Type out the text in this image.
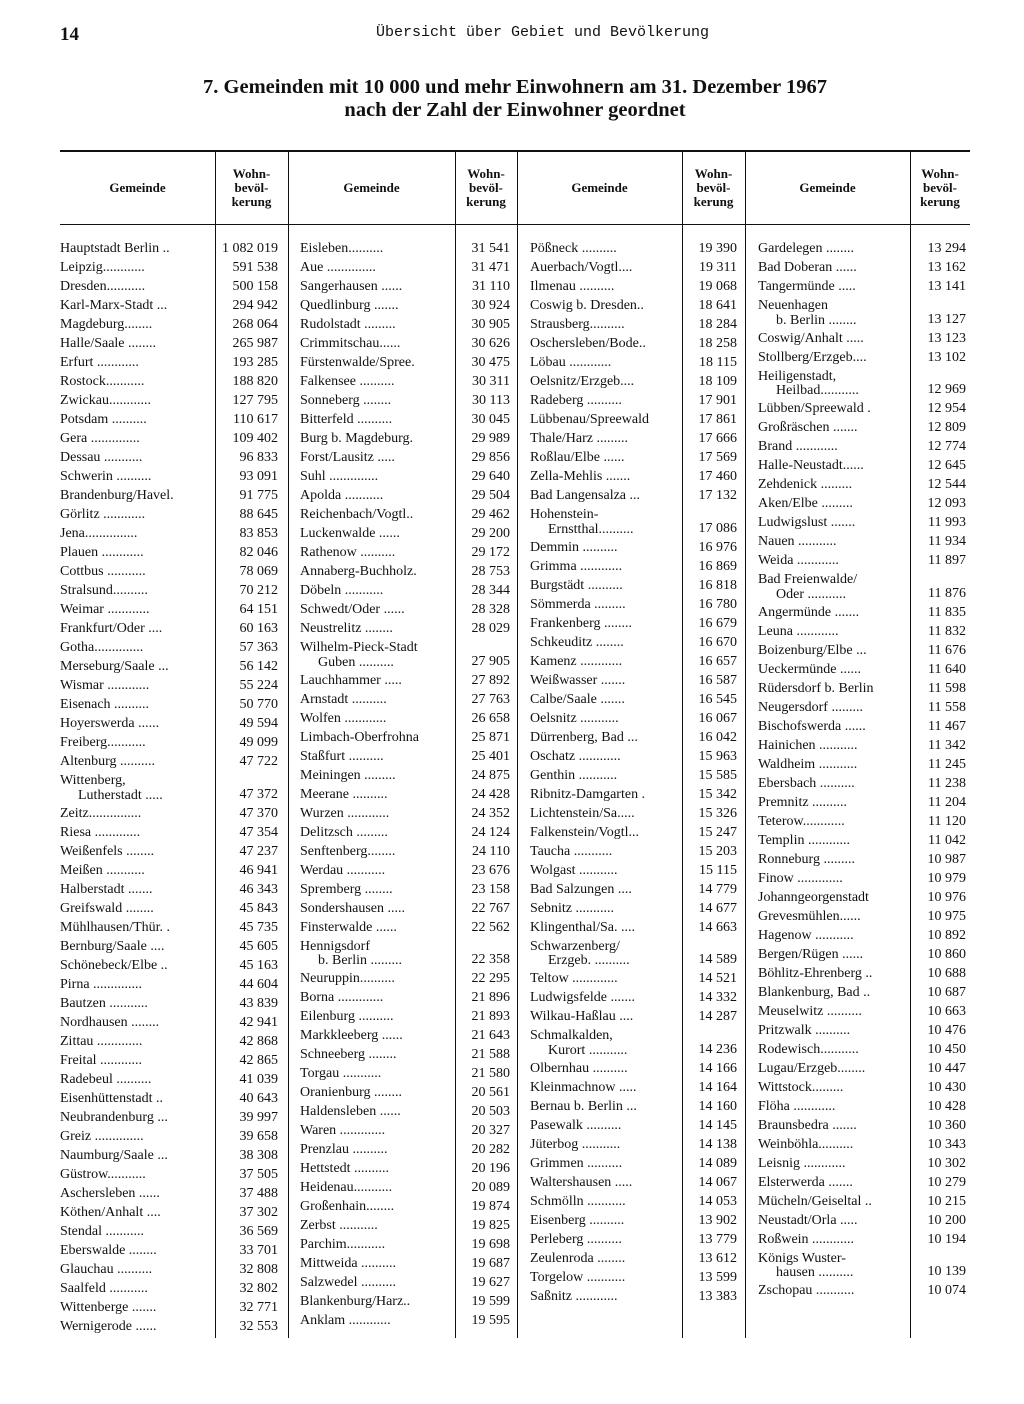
14	Übersicht über Gebiet und Bevölkerung
7. Gemeinden mit 10 000 und mehr Einwohnern am 31. Dezember 1967
nach der Zahl der Einwohner geordnet
Gemeinde
Wohn-
bevöl-
kerung
Gemeinde
Wohn-
bevöl-
kerung
Gemeinde
Wohn-
bevöl-
kerung
Gemeinde
Wohn-
bevöl-
kerung
Hauptstadt Berlin ..	1 082 019
Leipzig............	591 538
Dresden...........	500 158
Karl-Marx-Stadt ...	294 942
Magdeburg........	268 064
Halle/Saale ........	265 987
Erfurt ............	193 285
Rostock...........	188 820
Zwickau............	127 795
Potsdam ..........	110 617
Gera ..............	109 402
Dessau ...........	96 833
Schwerin ..........	93 091
Brandenburg/Havel.	91 775
Görlitz ............	88 645
Jena...............	83 853
Plauen ............	82 046
Cottbus ...........	78 069
Stralsund..........	70 212
Weimar ............	64 151
Frankfurt/Oder ....	60 163
Gotha..............	57 363
Merseburg/Saale ...	56 142
Wismar ............	55 224
Eisenach ..........	50 770
Hoyerswerda ......	49 594
Freiberg...........	49 099
Altenburg ..........	47 722
Wittenberg,
Lutherstadt .....	47 372
Zeitz...............	47 370
Riesa .............	47 354
Weißenfels ........	47 237
Meißen ...........	46 941
Halberstadt .......	46 343
Greifswald ........	45 843
Mühlhausen/Thür. .	45 735
Bernburg/Saale ....	45 605
Schönebeck/Elbe ..	45 163
Pirna ..............	44 604
Bautzen ...........	43 839
Nordhausen ........	42 941
Zittau .............	42 868
Freital ............	42 865
Radebeul ..........	41 039
Eisenhüttenstadt ..	40 643
Neubrandenburg ...	39 997
Greiz ..............	39 658
Naumburg/Saale ...	38 308
Güstrow...........	37 505
Aschersleben ......	37 488
Köthen/Anhalt ....	37 302
Stendal ...........	36 569
Eberswalde ........	33 701
Glauchau ..........	32 808
Saalfeld ...........	32 802
Wittenberge .......	32 771
Wernigerode ......	32 553
Eisleben..........	31 541
Aue ..............	31 471
Sangerhausen ......	31 110
Quedlinburg .......	30 924
Rudolstadt .........	30 905
Crimmitschau......	30 626
Fürstenwalde/Spree.	30 475
Falkensee ..........	30 311
Sonneberg ........	30 113
Bitterfeld ..........	30 045
Burg b. Magdeburg.	29 989
Forst/Lausitz .....	29 856
Suhl ..............	29 640
Apolda ...........	29 504
Reichenbach/Vogtl..	29 462
Luckenwalde ......	29 200
Rathenow ..........	29 172
Annaberg-Buchholz.	28 753
Döbeln ...........	28 344
Schwedt/Oder ......	28 328
Neustrelitz ........	28 029
Wilhelm-Pieck-Stadt
Guben ..........	27 905
Lauchhammer .....	27 892
Arnstadt ..........	27 763
Wolfen ............	26 658
Limbach-Oberfrohna	25 871
Staßfurt ..........	25 401
Meiningen .........	24 875
Meerane ..........	24 428
Wurzen ............	24 352
Delitzsch .........	24 124
Senftenberg........	24 110
Werdau ...........	23 676
Spremberg ........	23 158
Sondershausen .....	22 767
Finsterwalde ......	22 562
Hennigsdorf
b. Berlin .........	22 358
Neuruppin..........	22 295
Borna .............	21 896
Eilenburg ..........	21 893
Markkleeberg ......	21 643
Schneeberg ........	21 588
Torgau ...........	21 580
Oranienburg ........	20 561
Haldensleben ......	20 503
Waren .............	20 327
Prenzlau ..........	20 282
Hettstedt ..........	20 196
Heidenau...........	20 089
Großenhain........	19 874
Zerbst ...........	19 825
Parchim...........	19 698
Mittweida ..........	19 687
Salzwedel ..........	19 627
Blankenburg/Harz..	19 599
Anklam ............	19 595
Pößneck ..........	19 390
Auerbach/Vogtl....	19 311
Ilmenau ..........	19 068
Coswig b. Dresden..	18 641
Strausberg..........	18 284
Oschersleben/Bode..	18 258
Löbau ............	18 115
Oelsnitz/Erzgeb....	18 109
Radeberg ..........	17 901
Lübbenau/Spreewald	17 861
Thale/Harz .........	17 666
Roßlau/Elbe ......	17 569
Zella-Mehlis .......	17 460
Bad Langensalza ...	17 132
Hohenstein-
Ernstthal..........	17 086
Demmin ..........	16 976
Grimma ............	16 869
Burgstädt ..........	16 818
Sömmerda .........	16 780
Frankenberg ........	16 679
Schkeuditz ........	16 670
Kamenz ............	16 657
Weißwasser .......	16 587
Calbe/Saale .......	16 545
Oelsnitz ...........	16 067
Dürrenberg, Bad ...	16 042
Oschatz ............	15 963
Genthin ...........	15 585
Ribnitz-Damgarten .	15 342
Lichtenstein/Sa.....	15 326
Falkenstein/Vogtl...	15 247
Taucha ...........	15 203
Wolgast ...........	15 115
Bad Salzungen ....	14 779
Sebnitz ...........	14 677
Klingenthal/Sa. ....	14 663
Schwarzenberg/
Erzgeb. ..........	14 589
Teltow .............	14 521
Ludwigsfelde .......	14 332
Wilkau-Haßlau ....	14 287
Schmalkalden,
Kurort ...........	14 236
Olbernhau ..........	14 166
Kleinmachnow .....	14 164
Bernau b. Berlin ...	14 160
Pasewalk ..........	14 145
Jüterbog ...........	14 138
Grimmen ..........	14 089
Waltershausen .....	14 067
Schmölln ...........	14 053
Eisenberg ..........	13 902
Perleberg ..........	13 779
Zeulenroda ........	13 612
Torgelow ...........	13 599
Saßnitz ............	13 383
Gardelegen ........	13 294
Bad Doberan ......	13 162
Tangermünde .....	13 141
Neuenhagen
b. Berlin ........	13 127
Coswig/Anhalt .....	13 123
Stollberg/Erzgeb....	13 102
Heiligenstadt,
Heilbad...........	12 969
Lübben/Spreewald .	12 954
Großräschen .......	12 809
Brand ............	12 774
Halle-Neustadt......	12 645
Zehdenick .........	12 544
Aken/Elbe .........	12 093
Ludwigslust .......	11 993
Nauen ...........	11 934
Weida ............	11 897
Bad Freienwalde/
Oder ...........	11 876
Angermünde .......	11 835
Leuna ............	11 832
Boizenburg/Elbe ...	11 676
Ueckermünde ......	11 640
Rüdersdorf b. Berlin	11 598
Neugersdorf .........	11 558
Bischofswerda ......	11 467
Hainichen ...........	11 342
Waldheim ...........	11 245
Ebersbach ..........	11 238
Premnitz ..........	11 204
Teterow............	11 120
Templin ............	11 042
Ronneburg .........	10 987
Finow .............	10 979
Johanngeorgenstadt	10 976
Grevesmühlen......	10 975
Hagenow ...........	10 892
Bergen/Rügen ......	10 860
Böhlitz-Ehrenberg ..	10 688
Blankenburg, Bad ..	10 687
Meuselwitz ..........	10 663
Pritzwalk ..........	10 476
Rodewisch...........	10 450
Lugau/Erzgeb........	10 447
Wittstock.........	10 430
Flöha ............	10 428
Braunsbedra .......	10 360
Weinböhla..........	10 343
Leisnig ............	10 302
Elsterwerda .......	10 279
Mücheln/Geiseltal ..	10 215
Neustadt/Orla .....	10 200
Roßwein ............	10 194
Königs Wuster-
hausen ..........	10 139
Zschopau ...........	10 074
